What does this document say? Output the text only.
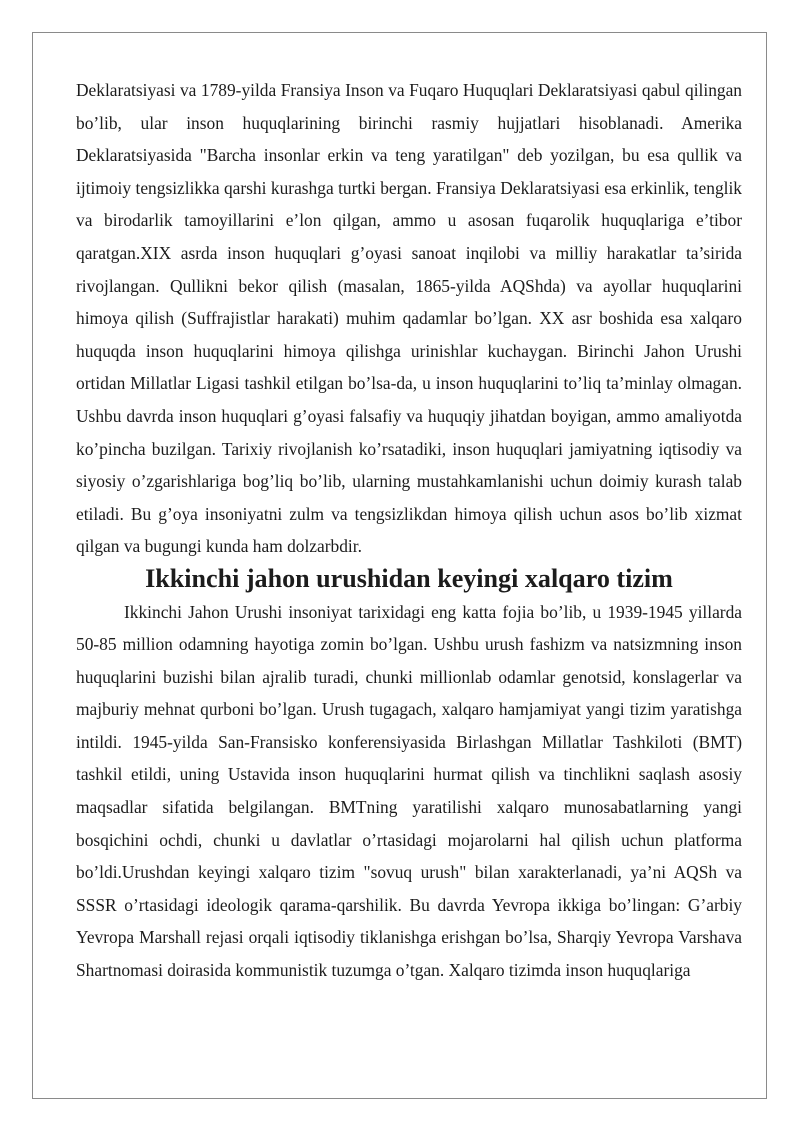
Deklaratsiyasi va 1789-yilda Fransiya Inson va Fuqaro Huquqlari Deklaratsiyasi qabul qilingan bo’lib, ular inson huquqlarining birinchi rasmiy hujjatlari hisoblanadi. Amerika Deklaratsiyasida "Barcha insonlar erkin va teng yaratilgan" deb yozilgan, bu esa qullik va ijtimoiy tengsizlikka qarshi kurashga turtki bergan. Fransiya Deklaratsiyasi esa erkinlik, tenglik va birodarlik tamoyillarini e’lon qilgan, ammo u asosan fuqarolik huquqlariga e’tibor qaratgan.XIX asrda inson huquqlari g’oyasi sanoat inqilobi va milliy harakatlar ta’sirida rivojlangan. Qullikni bekor qilish (masalan, 1865-yilda AQShda) va ayollar huquqlarini himoya qilish (Suffrajistlar harakati) muhim qadamlar bo’lgan. XX asr boshida esa xalqaro huquqda inson huquqlarini himoya qilishga urinishlar kuchaygan. Birinchi Jahon Urushi ortidan Millatlar Ligasi tashkil etilgan bo’lsa-da, u inson huquqlarini to’liq ta’minlay olmagan. Ushbu davrda inson huquqlari g’oyasi falsafiy va huquqiy jihatdan boyigan, ammo amaliyotda ko’pincha buzilgan. Tarixiy rivojlanish ko’rsatadiki, inson huquqlari jamiyatning iqtisodiy va siyosiy o’zgarishlariga bog’liq bo’lib, ularning mustahkamlanishi uchun doimiy kurash talab etiladi. Bu g’oya insoniyatni zulm va tengsizlikdan himoya qilish uchun asos bo’lib xizmat qilgan va bugungi kunda ham dolzarbdir.

Ikkinchi jahon urushidan keyingi xalqaro tizim

Ikkinchi Jahon Urushi insoniyat tarixidagi eng katta fojia bo’lib, u 1939-1945 yillarda 50-85 million odamning hayotiga zomin bo’lgan. Ushbu urush fashizm va natsizmning inson huquqlarini buzishi bilan ajralib turadi, chunki millionlab odamlar genotsid, konslagerlar va majburiy mehnat qurboni bo’lgan. Urush tugagach, xalqaro hamjamiyat yangi tizim yaratishga intildi. 1945-yilda San-Fransisko konferensiyasida Birlashgan Millatlar Tashkiloti (BMT) tashkil etildi, uning Ustavida inson huquqlarini hurmat qilish va tinchlikni saqlash asosiy maqsadlar sifatida belgilangan. BMTning yaratilishi xalqaro munosabatlarning yangi bosqichini ochdi, chunki u davlatlar o’rtasidagi mojarolarni hal qilish uchun platforma bo’ldi.Urushdan keyingi xalqaro tizim "sovuq urush" bilan xarakterlanadi, ya’ni AQSh va SSSR o’rtasidagi ideologik qarama-qarshilik. Bu davrda Yevropa ikkiga bo’lingan: G’arbiy Yevropa Marshall rejasi orqali iqtisodiy tiklanishga erishgan bo’lsa, Sharqiy Yevropa Varshava Shartnomasi doirasida kommunistik tuzumga o’tgan. Xalqaro tizimda inson huquqlariga
